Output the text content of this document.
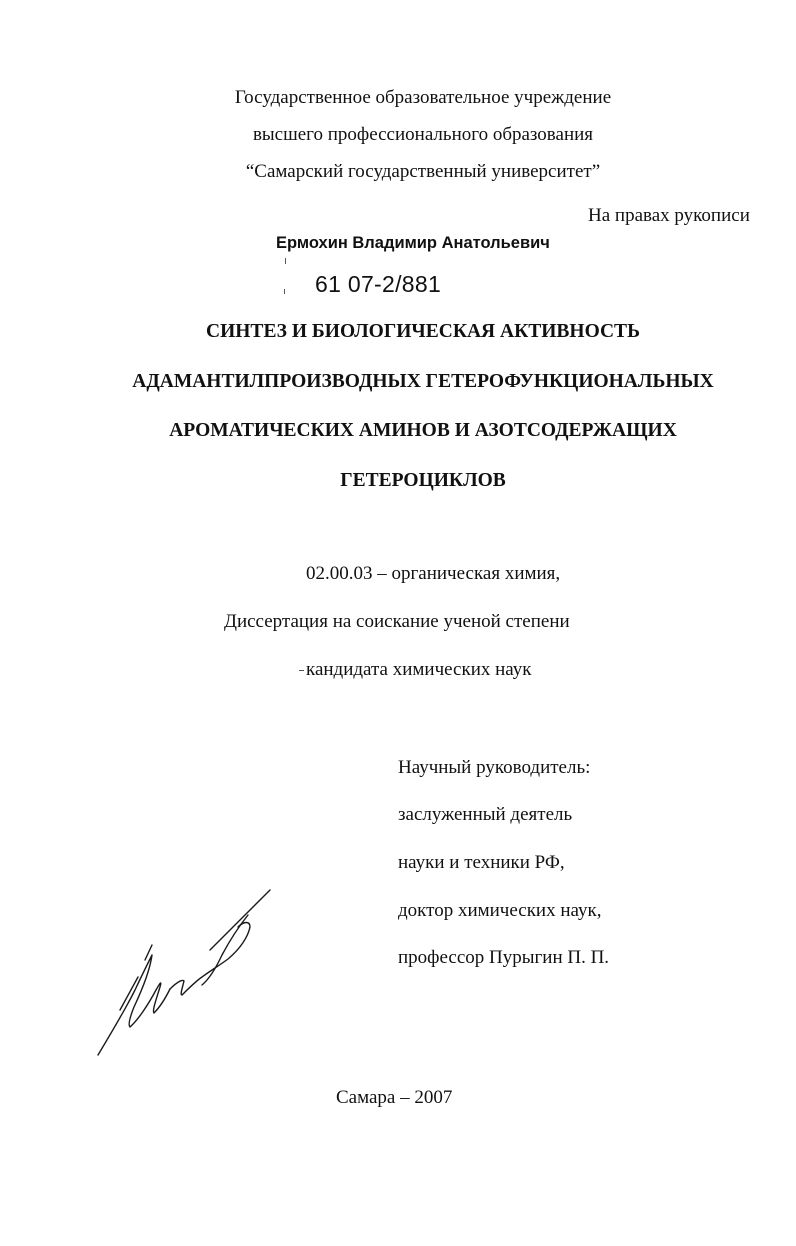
Государственное образовательное учреждение
высшего профессионального образования
“Самарский государственный университет”
На правах рукописи
Ермохин Владимир Анатольевич
61 07-2/881
СИНТЕЗ И БИОЛОГИЧЕСКАЯ АКТИВНОСТЬ
АДАМАНТИЛПРОИЗВОДНЫХ ГЕТЕРОФУНКЦИОНАЛЬНЫХ
АРОМАТИЧЕСКИХ АМИНОВ И АЗОТСОДЕРЖАЩИХ
ГЕТЕРОЦИКЛОВ
02.00.03 – органическая химия,
Диссертация на соискание ученой степени
кандидата химических наук
Научный руководитель:
заслуженный деятель
науки и техники РФ,
доктор химических наук,
профессор Пурыгин П. П.
Самара – 2007
